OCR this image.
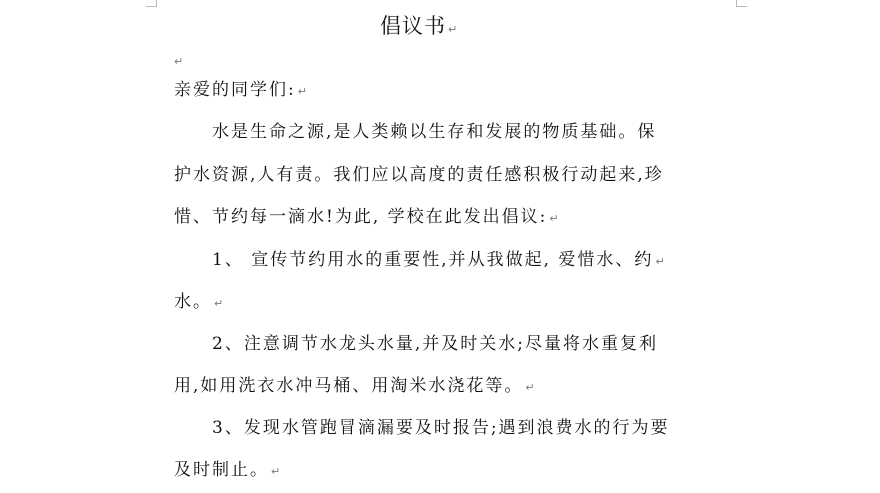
倡议书 ↵
↵
亲爱的同学们: ↵
水是生命之源,是人类赖以生存和发展的物质基础。保
护水资源,人有责。我们应以高度的责任感积极行动起来,珍
惜、节约每一滴水!为此, 学校在此发出倡议: ↵
1、 宣传节约用水的重要性,并从我做起, 爱惜水、约 ↵
水。 ↵
2、注意调节水龙头水量,并及时关水;尽量将水重复利
用,如用洗衣水冲马桶、用淘米水浇花等。 ↵
3、发现水管跑冒滴漏要及时报告;遇到浪费水的行为要
及时制止。 ↵
